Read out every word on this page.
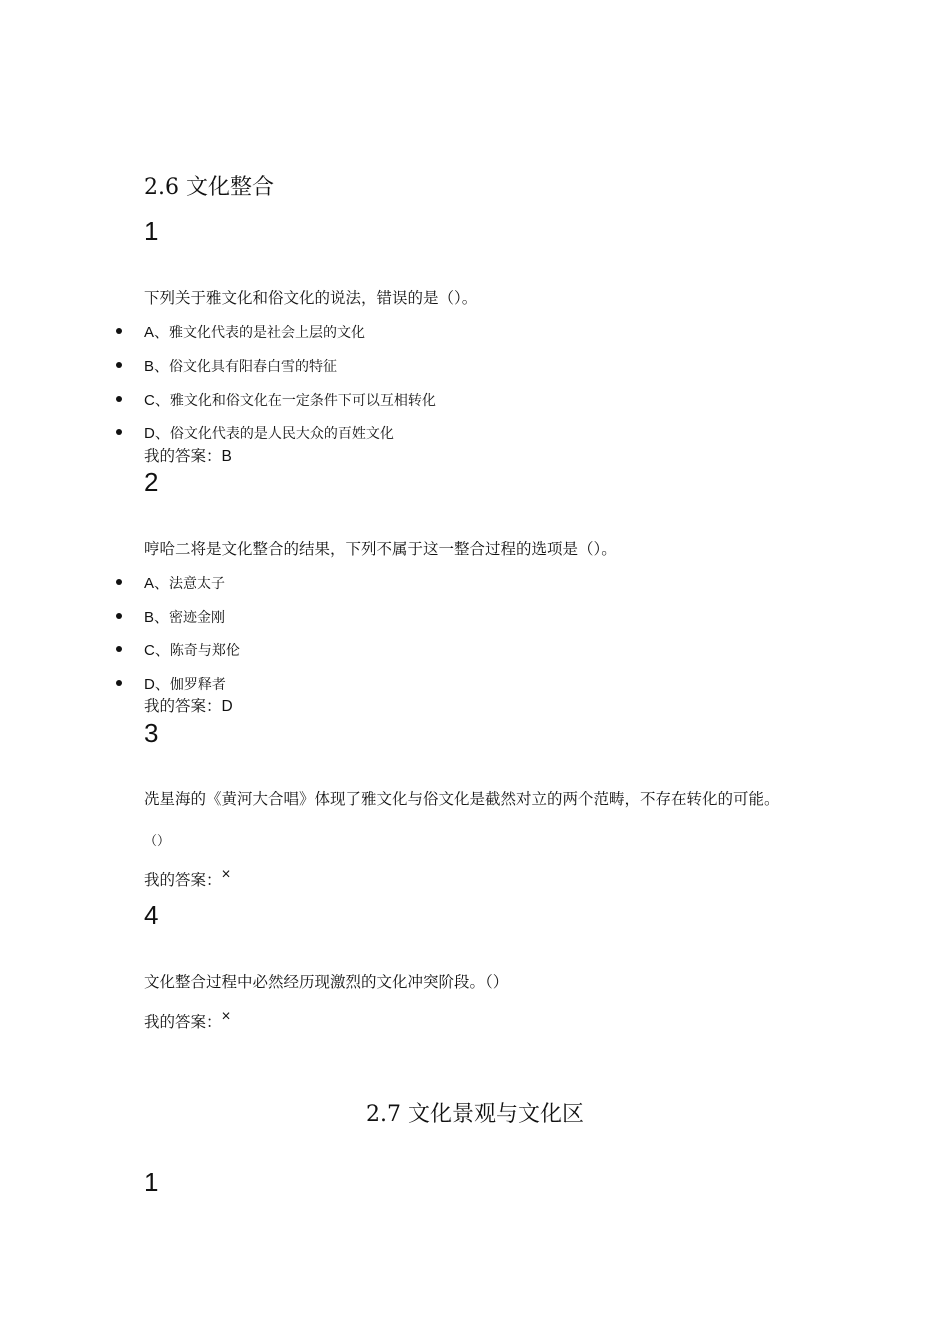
2.6 文化整合
1
下列关于雅文化和俗文化的说法，错误的是（）。
A、雅文化代表的是社会上层的文化
B、俗文化具有阳春白雪的特征
C、雅文化和俗文化在一定条件下可以互相转化
D、俗文化代表的是人民大众的百姓文化
我的答案：B
2
哼哈二将是文化整合的结果，下列不属于这一整合过程的选项是（）。
A、法意太子
B、密迹金刚
C、陈奇与郑伦
D、伽罗释者
我的答案：D
3
冼星海的《黄河大合唱》体现了雅文化与俗文化是截然对立的两个范畴，不存在转化的可能。
（）
我的答案：×
4
文化整合过程中必然经历现激烈的文化冲突阶段。（）
我的答案：×
2.7 文化景观与文化区
1
